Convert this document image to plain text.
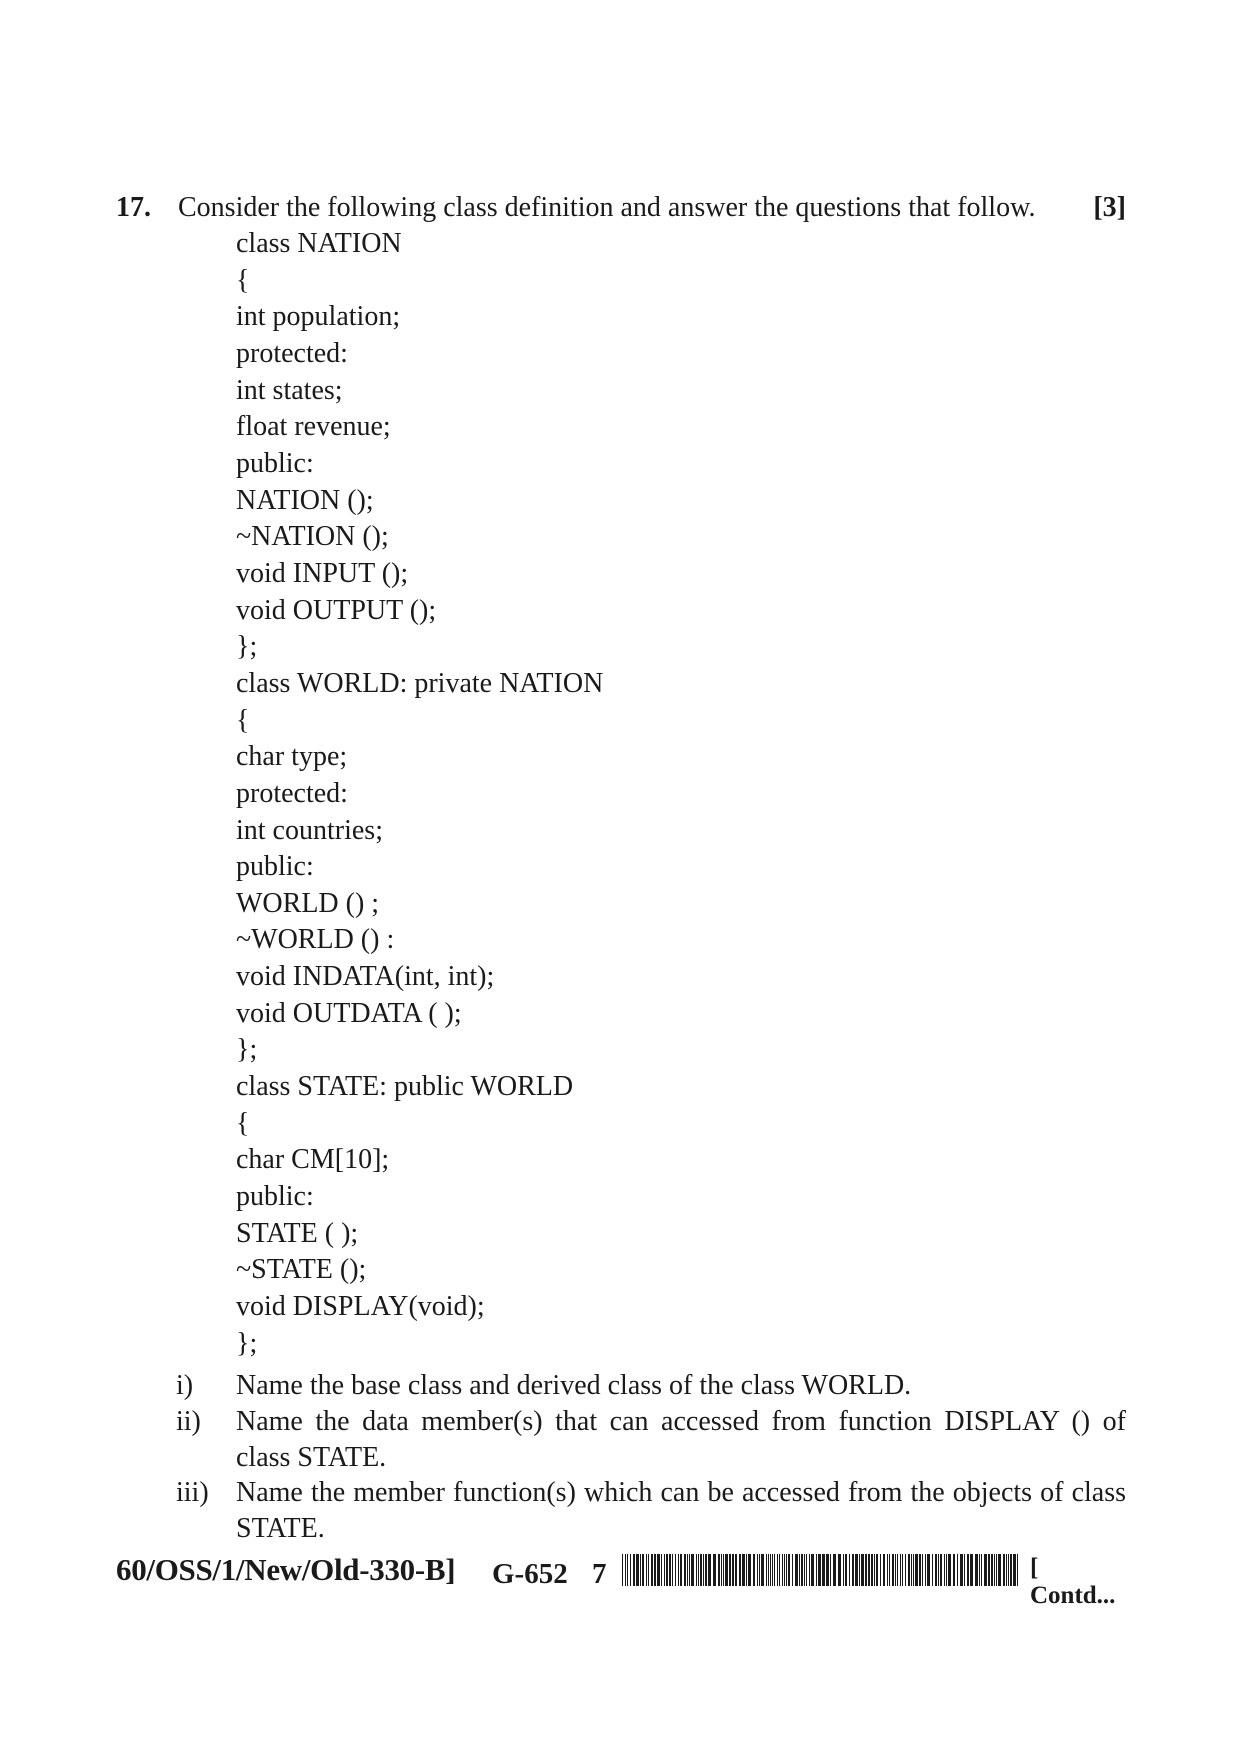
17. Consider the following class definition and answer the questions that follow. [3]
class NATION
{
int population;
protected:
int states;
float revenue;
public:
NATION ();
~NATION ();
void INPUT ();
void OUTPUT ();
};
class WORLD: private NATION
{
char type;
protected:
int countries;
public:
WORLD () ;
~WORLD () :
void INDATA(int, int);
void OUTDATA ( );
};
class STATE: public WORLD
{
char CM[10];
public:
STATE ( );
~STATE ();
void DISPLAY(void);
};
i) Name the base class and derived class of the class WORLD.
ii) Name the data member(s) that can accessed from function DISPLAY () of class STATE.
iii) Name the member function(s) which can be accessed from the objects of class STATE.
60/OSS/1/New/Old-330-B] G-652 7	[ Contd...
